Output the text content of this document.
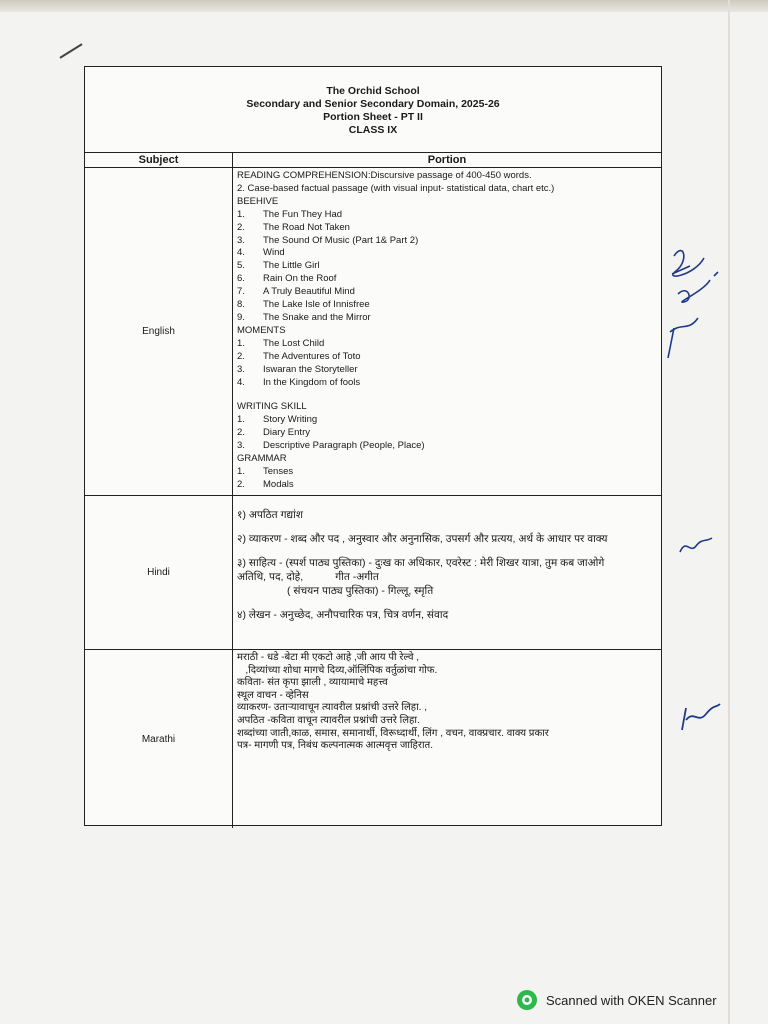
The Orchid School
Secondary and Senior Secondary Domain, 2025-26
Portion Sheet - PT II
CLASS IX
Subject	Portion
English
READING COMPREHENSION:Discursive passage of 400-450 words.
2. Case-based factual passage (with visual input- statistical data, chart etc.)
BEEHIVE
1.	The Fun They Had
2.	The Road Not Taken
3.	The Sound Of Music (Part 1& Part 2)
4.	Wind
5.	The Little Girl
6.	Rain On the Roof
7.	A Truly Beautiful Mind
8.	The Lake Isle of Innisfree
9.	The Snake and the Mirror
MOMENTS
1.	The Lost Child
2.	The Adventures of Toto
3.	Iswaran the Storyteller
4.	In the Kingdom of fools
WRITING SKILL
1.	Story Writing
2.	Diary Entry
3.	Descriptive Paragraph (People, Place)
GRAMMAR
1.	Tenses
2.	Modals
Hindi

१) अपठित गद्यांश

२) व्याकरण - शब्द और पद , अनुस्वार और अनुनासिक, उपसर्ग और प्रत्यय, अर्थ के आधार पर वाक्य

३) साहित्य - (स्पर्श पाठ्य पुस्तिका) - दुःख का अधिकार, एवरेस्ट : मेरी शिखर यात्रा, तुम कब जाओगे

अतिथि, पद, दोहे,           गीत -अगीत

( संचयन पाठ्य पुस्तिका) - गिल्लू, स्मृति

४) लेखन - अनुच्छेद, अनौपचारिक पत्र, चित्र वर्णन, संवाद

Marathi
मराठी - धडे -बेटा मी एकटो आहे ,जी आय पी रेल्वे ,
,दिव्यांच्या शोधा मागचे दिव्य,ऑलिंपिक वर्तुळांचा गोफ.
कविता- संत कृपा झाली , व्यायामाचे महत्त्व
स्थूल वाचन - व्हेनिस
व्याकरण- उताऱ्यावाचून त्यावरील प्रश्नांची उत्तरे लिहा. ,
अपठित -कविता वाचून त्यावरील प्रश्नांची उत्तरे लिहा.
शब्दांच्या जाती,काळ, समास, समानार्थी, विरूध्दार्थी, लिंग , वचन, वाक्प्रचार. वाक्य प्रकार
पत्र- मागणी पत्र, निबंध कल्पनात्मक आत्मवृत्त जाहिरात.
Scanned with OKEN Scanner
